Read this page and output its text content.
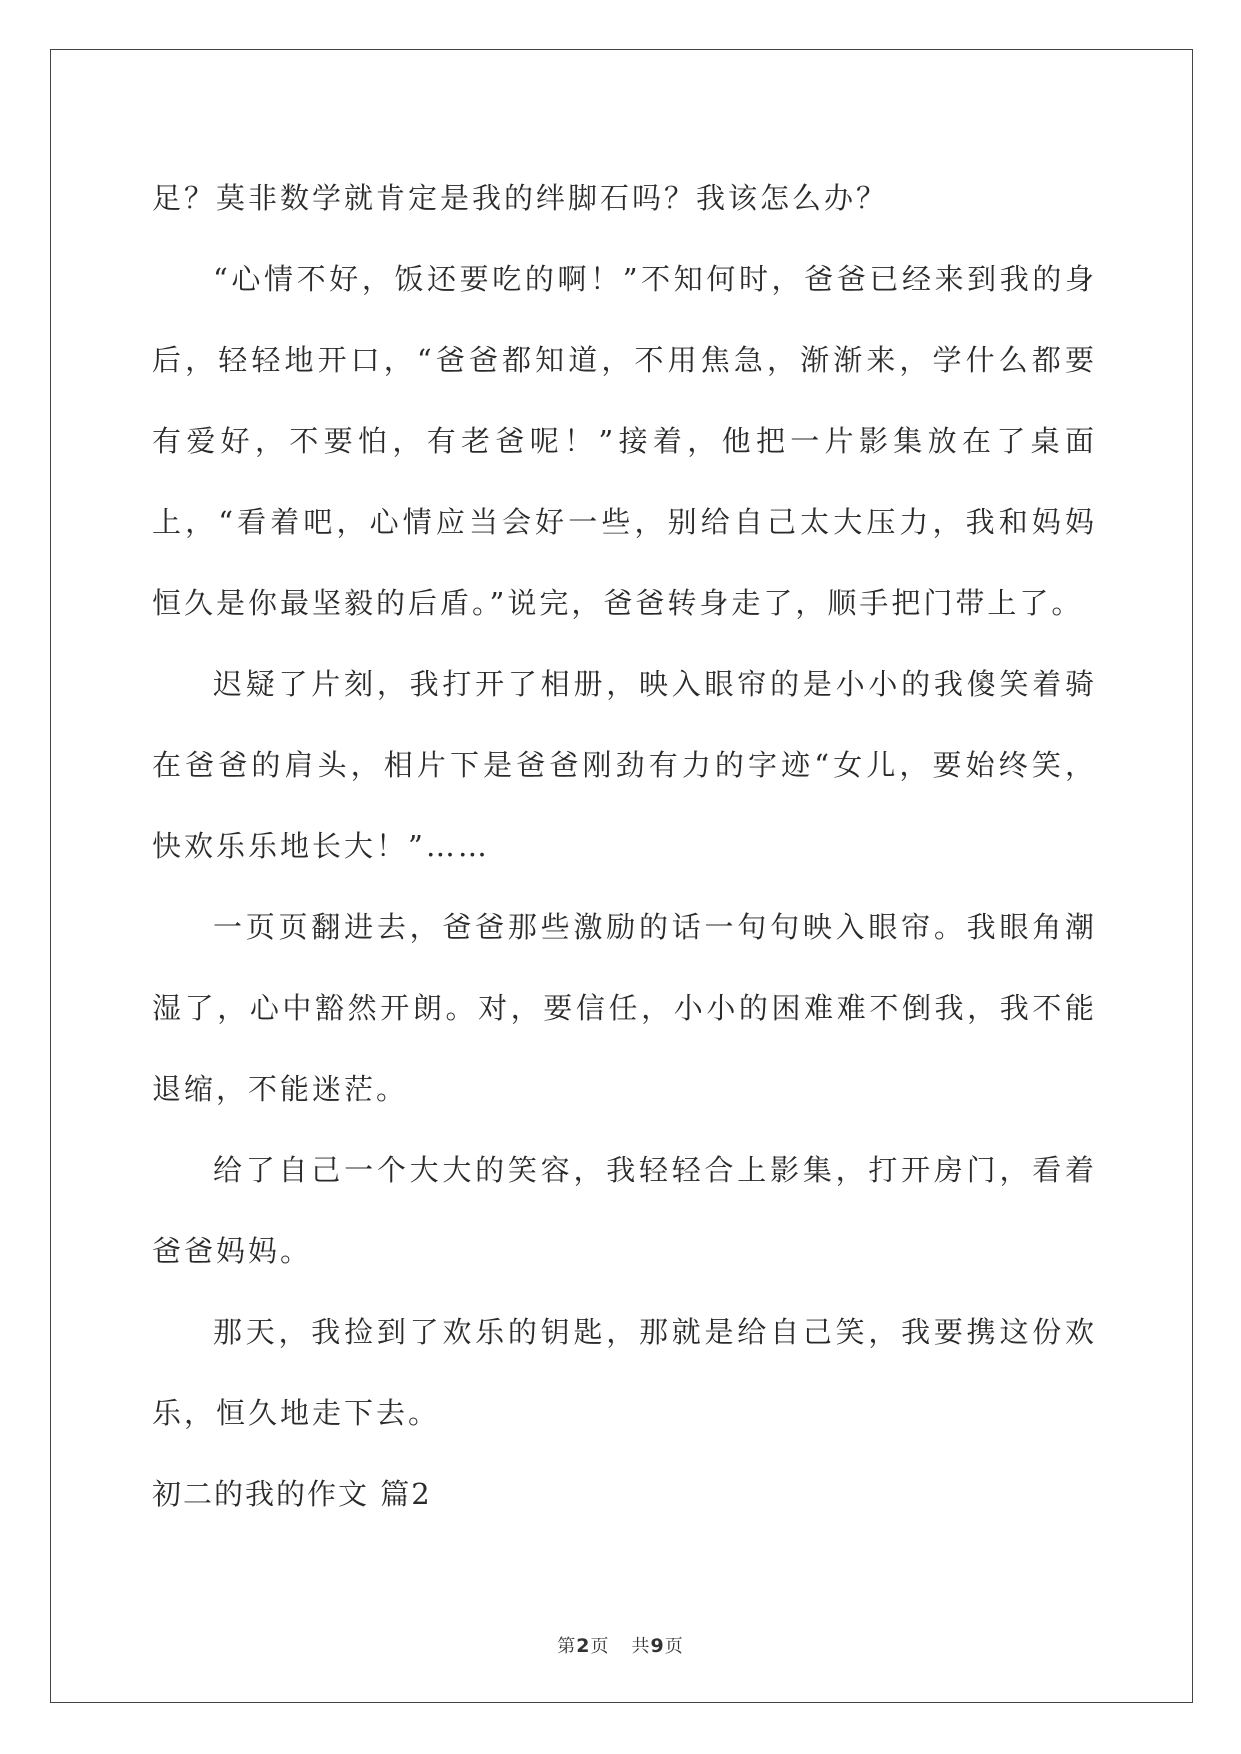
足？莫非数学就肯定是我的绊脚石吗？我该怎么办？

“心情不好，饭还要吃的啊！”不知何时，爸爸已经来到我的身后，轻轻地开口，“爸爸都知道，不用焦急，渐渐来，学什么都要有爱好，不要怕，有老爸呢！”接着，他把一片影集放在了桌面上，“看着吧，心情应当会好一些，别给自己太大压力，我和妈妈恒久是你最坚毅的后盾。”说完，爸爸转身走了，顺手把门带上了。

迟疑了片刻，我打开了相册，映入眼帘的是小小的我傻笑着骑在爸爸的肩头，相片下是爸爸刚劲有力的字迹“女儿，要始终笑，快欢乐乐地长大！”……

一页页翻进去，爸爸那些激励的话一句句映入眼帘。我眼角潮湿了，心中豁然开朗。对，要信任，小小的困难难不倒我，我不能退缩，不能迷茫。

给了自己一个大大的笑容，我轻轻合上影集，打开房门，看着爸爸妈妈。

那天，我捡到了欢乐的钥匙，那就是给自己笑，我要携这份欢乐，恒久地走下去。

初二的我的作文 篇2

第2页 共9页
